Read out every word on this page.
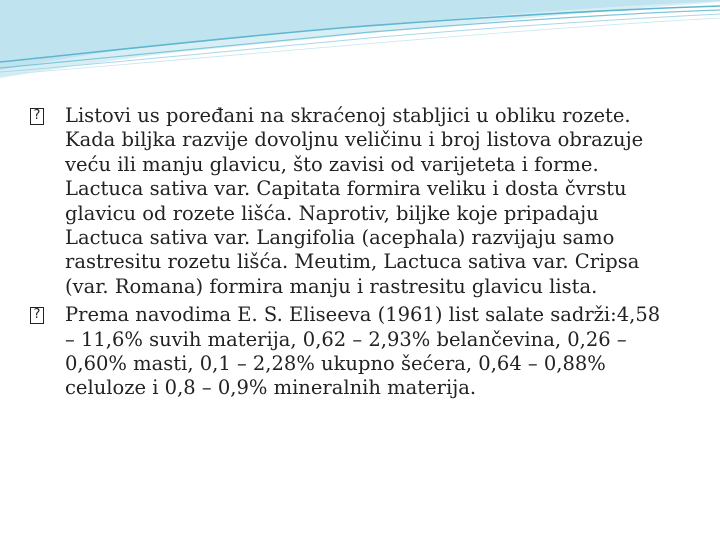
? Listovi us poređani na skraćenoj stabljici u obliku rozete.
Kada biljka razvije dovoljnu veličinu i broj listova obrazuje
veću ili manju glavicu, što zavisi od varijeteta i forme.
Lactuca sativa var. Capitata formira veliku i dosta čvrstu
glavicu od rozete lišća. Naprotiv, biljke koje pripadaju
Lactuca sativa var. Langifolia (acephala) razvijaju samo
rastresitu rozetu lišća. Meutim, Lactuca sativa var. Cripsa
(var. Romana) formira manju i rastresitu glavicu lista.
? Prema navodima E. S. Eliseeva (1961) list salate sadrži:4,58
– 11,6% suvih materija, 0,62 – 2,93% belančevina, 0,26 –
0,60% masti, 0,1 – 2,28% ukupno šećera, 0,64 – 0,88%
celuloze i 0,8 – 0,9% mineralnih materija.
